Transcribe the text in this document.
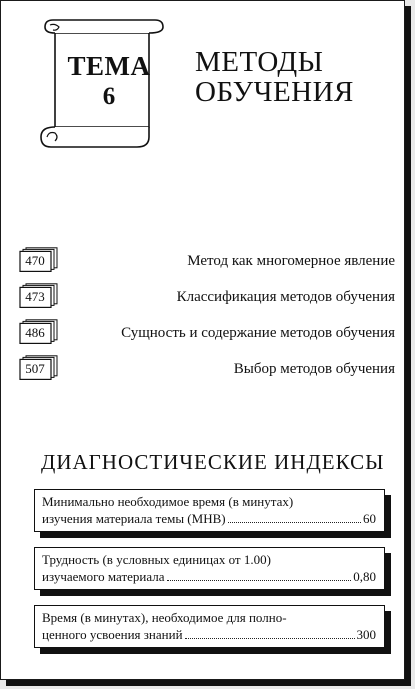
ТЕМА
6
МЕТОДЫ
ОБУЧЕНИЯ
470	Метод как многомерное явление
473	Классификация методов обучения
486	Сущность и содержание методов обучения
507	Выбор методов обучения
ДИАГНОСТИЧЕСКИЕ ИНДЕКСЫ
Минимально необходимое время (в минутах)
изучения материала темы (МНВ)	60
Трудность (в условных единицах от 1.00)
изучаемого материала	0,80
Время (в минутах), необходимое для полно-
ценного усвоения знаний	300
